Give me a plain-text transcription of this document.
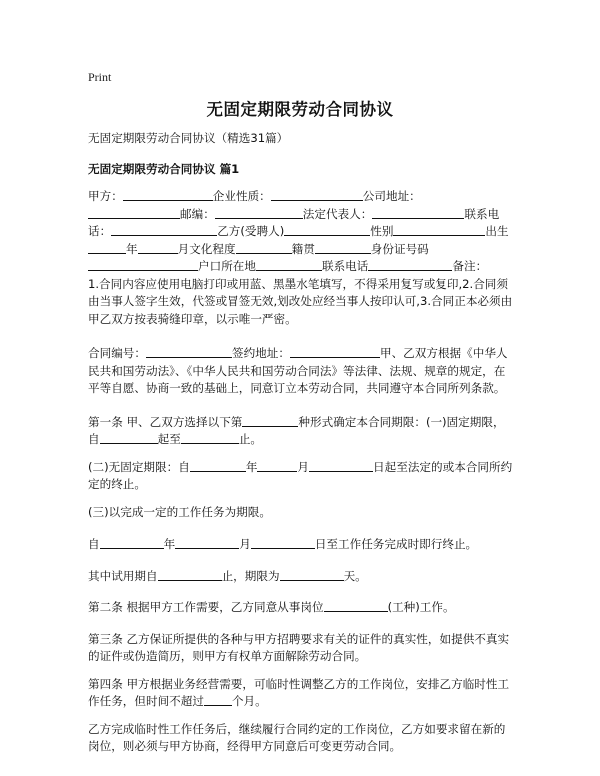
Print
无固定期限劳动合同协议

无固定期限劳动合同协议（精选31篇）

无固定期限劳动合同协议 篇1

甲方：	企业性质：	公司地址：

邮编：	法定代表人：	联系电

话：	乙方(受聘人)	性别	出生

年	月文化程度	籍贯	身份证号码

户口所在地	联系电话	备注：

1.合同内容应使用电脑打印或用蓝、黑墨水笔填写，不得采用复写或复印,2.合同须由当事人签字生效，代签或冒签无效,划改处应经当事人按印认可,3.合同正本必须由甲乙双方按表骑缝印章，以示唯一严密。

合同编号：	签约地址：	甲、乙双方根据《中华人民共和国劳动法》、《中华人民共和国劳动合同法》等法律、法规、规章的规定，在平等自愿、协商一致的基础上，同意订立本劳动合同，共同遵守本合同所列条款。

第一条 甲、乙双方选择以下第	种形式确定本合同期限：(一)固定期限，自	起至	止。

(二)无固定期限：自	年	月	日起至法定的或本合同所约定的终止。

(三)以完成一定的工作任务为期限。

自	年	月	日至工作任务完成时即行终止。

其中试用期自	止，期限为	天。

第二条 根据甲方工作需要，乙方同意从事岗位	(工种)工作。

第三条 乙方保证所提供的各种与甲方招聘要求有关的证件的真实性，如提供不真实的证件或伪造简历，则甲方有权单方面解除劳动合同。

第四条 甲方根据业务经营需要，可临时性调整乙方的工作岗位，安排乙方临时性工作任务，但时间不超过 个月。

乙方完成临时性工作任务后，继续履行合同约定的工作岗位，乙方如要求留在新的岗位，则必须与甲方协商，经得甲方同意后可变更劳动合同。
